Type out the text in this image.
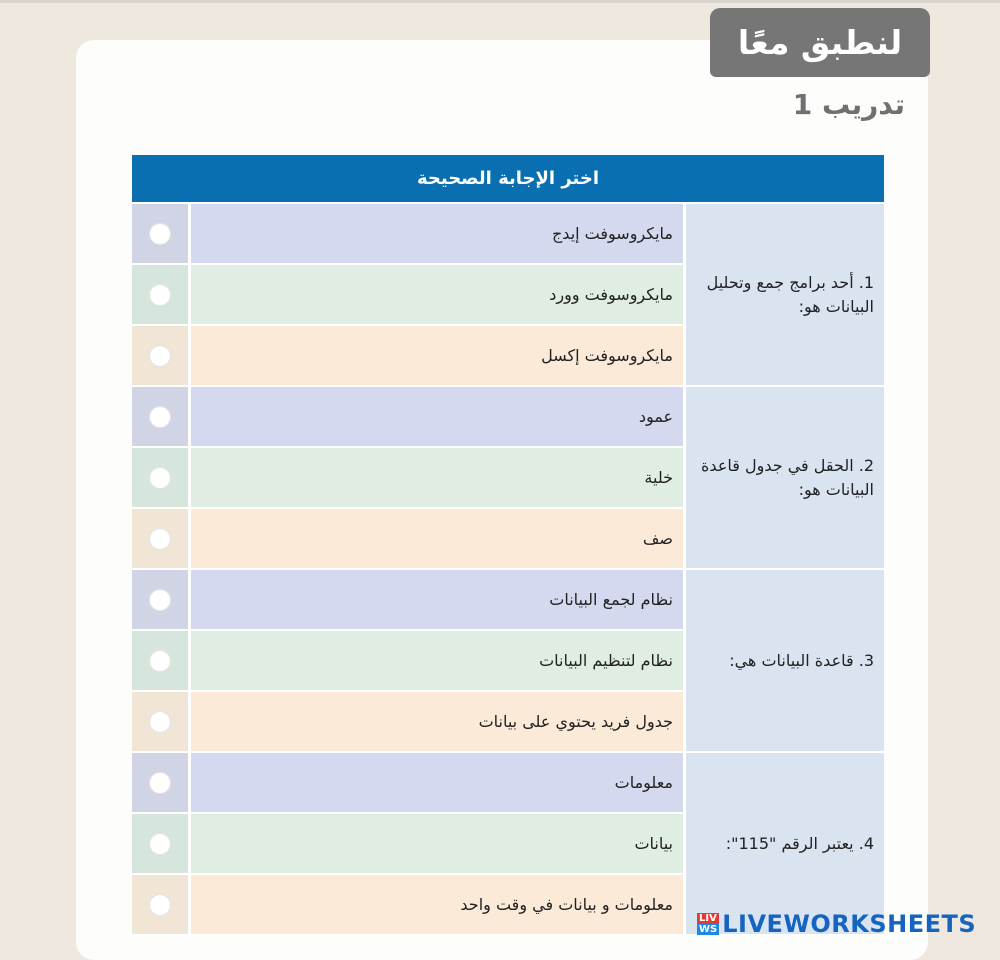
لنطبق معًا
تدريب 1
اختر الإجابة الصحيحة
مايكروسوفت إيدج
مايكروسوفت وورد
مايكروسوفت إكسل
1. أحد برامج جمع وتحليل البيانات هو:
عمود
خلية
صف
2. الحقل في جدول قاعدة البيانات هو:
نظام لجمع البيانات
نظام لتنظيم البيانات
جدول فريد يحتوي على بيانات
3. قاعدة البيانات هي:
معلومات
بيانات
معلومات و بيانات في وقت واحد
4. يعتبر الرقم "115":
LIV
WS LIVEWORKSHEETS
